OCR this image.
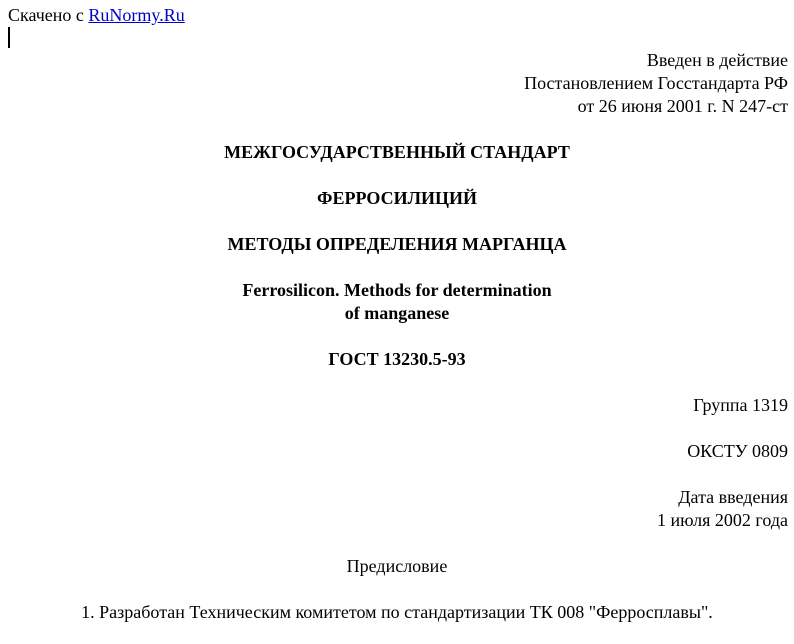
Скачено с RuNormy.Ru
Введен в действие
Постановлением Госстандарта РФ
от 26 июня 2001 г. N 247-ст
МЕЖГОСУДАРСТВЕННЫЙ СТАНДАРТ
ФЕРРОСИЛИЦИЙ
МЕТОДЫ ОПРЕДЕЛЕНИЯ МАРГАНЦА
Ferrosilicon. Methods for determination
of manganese
ГОСТ 13230.5-93
Группа 1319
ОКСТУ 0809
Дата введения
1 июля 2002 года
Предисловие
1. Разработан Техническим комитетом по стандартизации ТК 008 "Ферросплавы".
